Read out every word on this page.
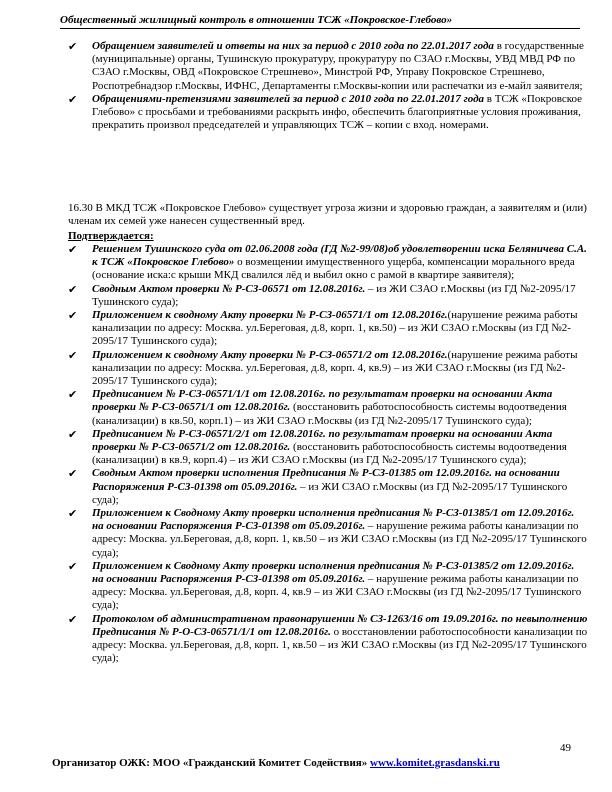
Общественный жилищный контроль в отношении ТСЖ «Покровское-Глебово»
✔ Обращением заявителей и ответы на них за период с 2010 года по 22.01.2017 года в государственные (муниципальные) органы, Тушинскую прокуратуру, прокуратуру по СЗАО г.Москвы, УВД МВД РФ по СЗАО г.Москвы, ОВД «Покровское Стрешнево», Минстрой РФ, Управу Покровское Стрешнево, Роспотребнадзор г.Москвы, ИФНС, Департаменты г.Москвы-копии или распечатки из е-майл заявителя;
✔ Обращениями-претензиями заявителей за период с 2010 года по 22.01.2017 года в ТСЖ «Покровское Глебово» с просьбами и требованиями раскрыть инфо, обеспечить благоприятные условия проживания, прекратить произвол председателей и управляющих ТСЖ – копии с вход. номерами.
16.30 В МКД ТСЖ «Покровское Глебово» существует угроза жизни и здоровью граждан, а заявителям и (или) членам их семей уже нанесен существенный вред.
Подтверждается:
✔ Решением Тушинского суда от 02.06.2008 года (ГД №2-99/08)об удовлетворении иска Беляничева С.А. к ТСЖ «Покровское Глебово» о возмещении имущественного ущерба, компенсации морального вреда (основание иска:с крыши МКД свалился лёд и выбил окно с рамой в квартире заявителя);
✔ Сводным Актом проверки № Р-СЗ-06571 от 12.08.2016г. – из ЖИ СЗАО г.Москвы (из ГД №2-2095/17 Тушинского суда);
✔ Приложением к сводному Акту проверки № Р-СЗ-06571/1 от 12.08.2016г.(нарушение режима работы канализации по адресу: Москва. ул.Береговая, д.8, корп. 1, кв.50) – из ЖИ СЗАО г.Москвы (из ГД №2-2095/17 Тушинского суда);
✔ Приложением к сводному Акту проверки № Р-СЗ-06571/2 от 12.08.2016г.(нарушение режима работы канализации по адресу: Москва. ул.Береговая, д.8, корп. 4, кв.9) – из ЖИ СЗАО г.Москвы (из ГД №2-2095/17 Тушинского суда);
✔ Предписанием № Р-СЗ-06571/1/1 от 12.08.2016г. по результатам проверки на основании Акта проверки № Р-СЗ-06571/1 от 12.08.2016г. (восстановить работоспособность системы водоотведения (канализации) в кв.50, корп.1) – из ЖИ СЗАО г.Москвы (из ГД №2-2095/17 Тушинского суда);
✔ Предписанием № Р-СЗ-06571/2/1 от 12.08.2016г. по результатам проверки на основании Акта проверки № Р-СЗ-06571/2 от 12.08.2016г. (восстановить работоспособность системы водоотведения (канализации) в кв.9, корп.4) – из ЖИ СЗАО г.Москвы (из ГД №2-2095/17 Тушинского суда);
✔ Сводным Актом проверки исполнения Предписания № Р-СЗ-01385 от 12.09.2016г. на основании Распоряжения Р-СЗ-01398 от 05.09.2016г. – из ЖИ СЗАО г.Москвы (из ГД №2-2095/17 Тушинского суда);
✔ Приложением к Сводному Акту проверки исполнения предписания № Р-СЗ-01385/1 от 12.09.2016г. на основании Распоряжения Р-СЗ-01398 от 05.09.2016г. – нарушение режима работы канализации по адресу: Москва. ул.Береговая, д.8, корп. 1, кв.50 – из ЖИ СЗАО г.Москвы (из ГД №2-2095/17 Тушинского суда);
✔ Приложением к Сводному Акту проверки исполнения предписания № Р-СЗ-01385/2 от 12.09.2016г. на основании Распоряжения Р-СЗ-01398 от 05.09.2016г. – нарушение режима работы канализации по адресу: Москва. ул.Береговая, д.8, корп. 4, кв.9 – из ЖИ СЗАО г.Москвы (из ГД №2-2095/17 Тушинского суда);
✔ Протоколом об административном правонарушении № СЗ-1263/16 от 19.09.2016г. по невыполнению Предписания № Р-О-СЗ-06571/1/1 от 12.08.2016г. о восстановлении работоспособности канализации по адресу: Москва. ул.Береговая, д.8, корп. 1, кв.50 – из ЖИ СЗАО г.Москвы (из ГД №2-2095/17 Тушинского суда);
49
Организатор ОЖК: МОО «Гражданский Комитет Содействия» www.komitet.grasdanski.ru
